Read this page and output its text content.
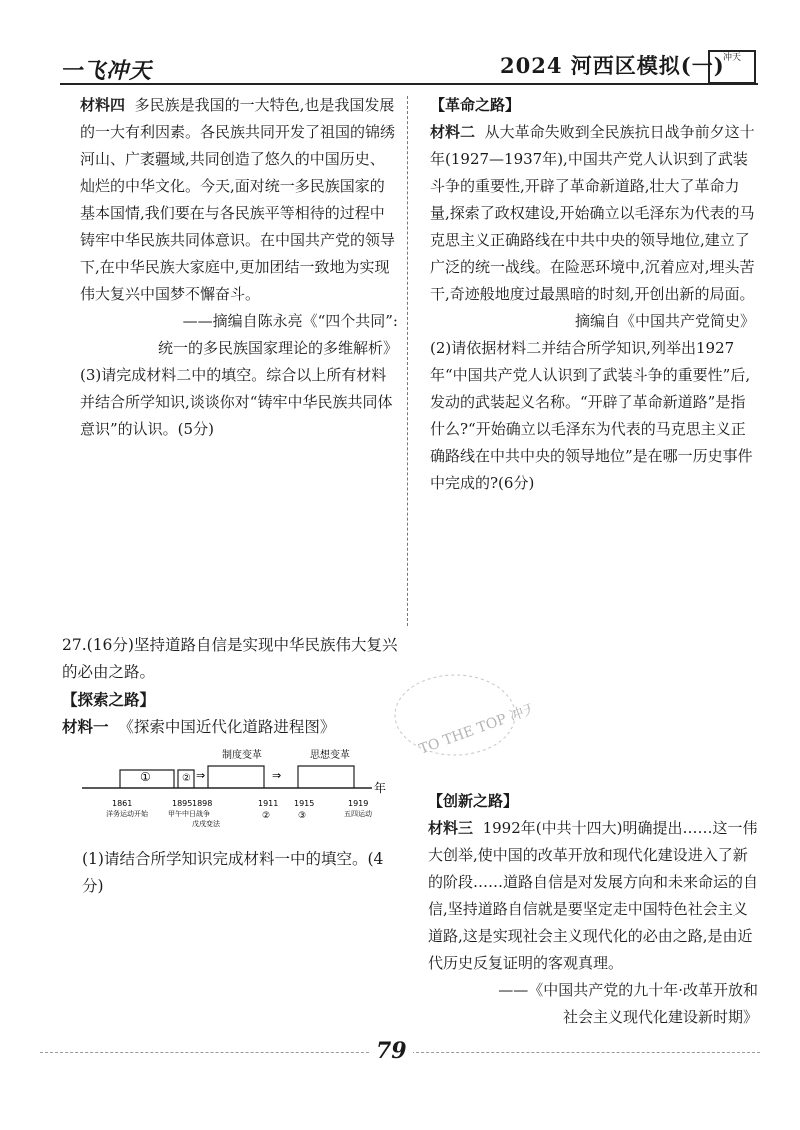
一飞冲天	2024 河西区模拟(一)
冲天

材料四 多民族是我国的一大特色,也是我国发展的一大有利因素。各民族共同开发了祖国的锦绣河山、广袤疆域,共同创造了悠久的中国历史、灿烂的中华文化。今天,面对统一多民族国家的基本国情,我们要在与各民族平等相待的过程中铸牢中华民族共同体意识。在中国共产党的领导下,在中华民族大家庭中,更加团结一致地为实现伟大复兴中国梦不懈奋斗。

——摘编自陈永亮《“四个共同”:

统一的多民族国家理论的多维解析》

(3)请完成材料二中的填空。综合以上所有材料并结合所学知识,谈谈你对“铸牢中华民族共同体意识”的认识。(5分)

【革命之路】

材料二 从大革命失败到全民族抗日战争前夕这十年(1927—1937年),中国共产党人认识到了武装斗争的重要性,开辟了革命新道路,壮大了革命力量,探索了政权建设,开始确立以毛泽东为代表的马克思主义正确路线在中共中央的领导地位,建立了广泛的统一战线。在险恶环境中,沉着应对,埋头苦干,奇迹般地度过最黑暗的时刻,开创出新的局面。

摘编自《中国共产党简史》

(2)请依据材料二并结合所学知识,列举出1927年“中国共产党人认识到了武装斗争的重要性”后,发动的武装起义名称。“开辟了革命新道路”是指什么?“开始确立以毛泽东为代表的马克思主义正确路线在中共中央的领导地位”是在哪一历史事件中完成的?(6分)

27.(16分)坚持道路自信是实现中华民族伟大复兴的必由之路。
【探索之路】
材料一 《探索中国近代化道路进程图》
年
①	② ⇒
制度变革
⇒
思想变革
1861
洋务运动开始
1895
甲午中日战争
1898
戊戌变法
1911
②
1915
③
1919
五四运动

(1)请结合所学知识完成材料一中的填空。(4分)

TO THE TOP 冲天

【创新之路】

材料三 1992年(中共十四大)明确提出……这一伟大创举,使中国的改革开放和现代化建设进入了新的阶段……道路自信是对发展方向和未来命运的自信,坚持道路自信就是要坚定走中国特色社会主义道路,这是实现社会主义现代化的必由之路,是由近代历史反复证明的客观真理。

——《中国共产党的九十年·改革开放和

社会主义现代化建设新时期》

79
